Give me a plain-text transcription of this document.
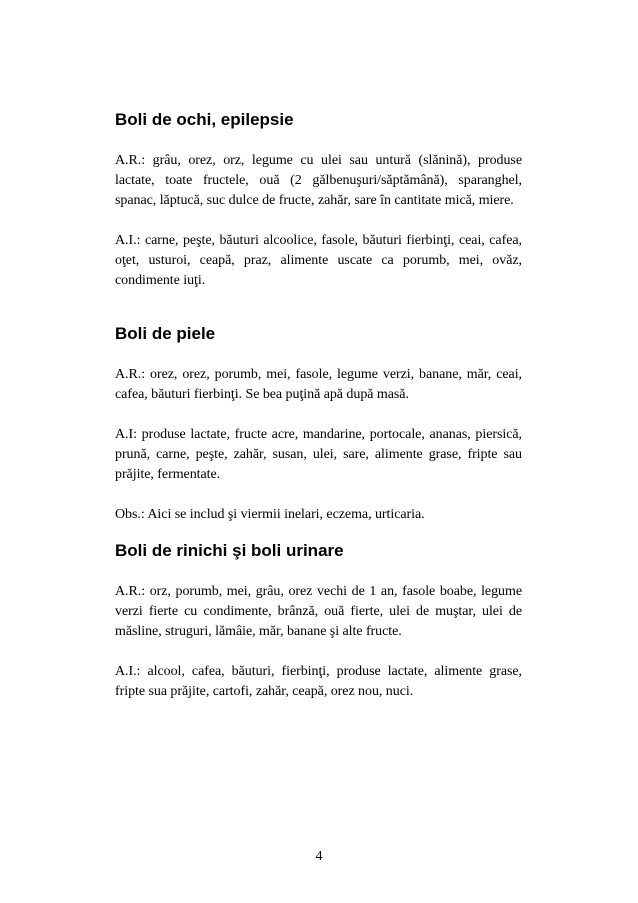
Boli de ochi, epilepsie

A.R.: grâu, orez, orz, legume cu ulei sau untură (slănină), produse lactate, toate fructele, ouă (2 gălbenuşuri/săptămână), sparanghel, spanac, lăptucă, suc dulce de fructe, zahăr, sare în cantitate mică, miere.

A.I.: carne, peşte, băuturi alcoolice, fasole, băuturi fierbinţi, ceai, cafea, oţet, usturoi, ceapă, praz, alimente uscate ca porumb, mei, ovăz, condimente iuţi.

Boli de piele

A.R.: orez, orez, porumb, mei, fasole, legume verzi, banane, măr, ceai, cafea, băuturi fierbinţi. Se bea puţină apă după masă.

A.I: produse lactate, fructe acre, mandarine, portocale, ananas, piersică, prună, carne, peşte, zahăr, susan, ulei, sare, alimente grase, fripte sau prăjite, fermentate.

Obs.: Aici se includ şi viermii inelari, eczema, urticaria.

Boli de rinichi şi boli urinare

A.R.: orz, porumb, mei, grâu, orez vechi de 1 an, fasole boabe, legume verzi fierte cu condimente, brânză, ouă fierte, ulei de muştar, ulei de măsline, struguri, lămâie, măr, banane şi alte fructe.

A.I.: alcool, cafea, băuturi, fierbinţi, produse lactate, alimente grase, fripte sua prăjite, cartofi, zahăr, ceapă, orez nou, nuci.

4
